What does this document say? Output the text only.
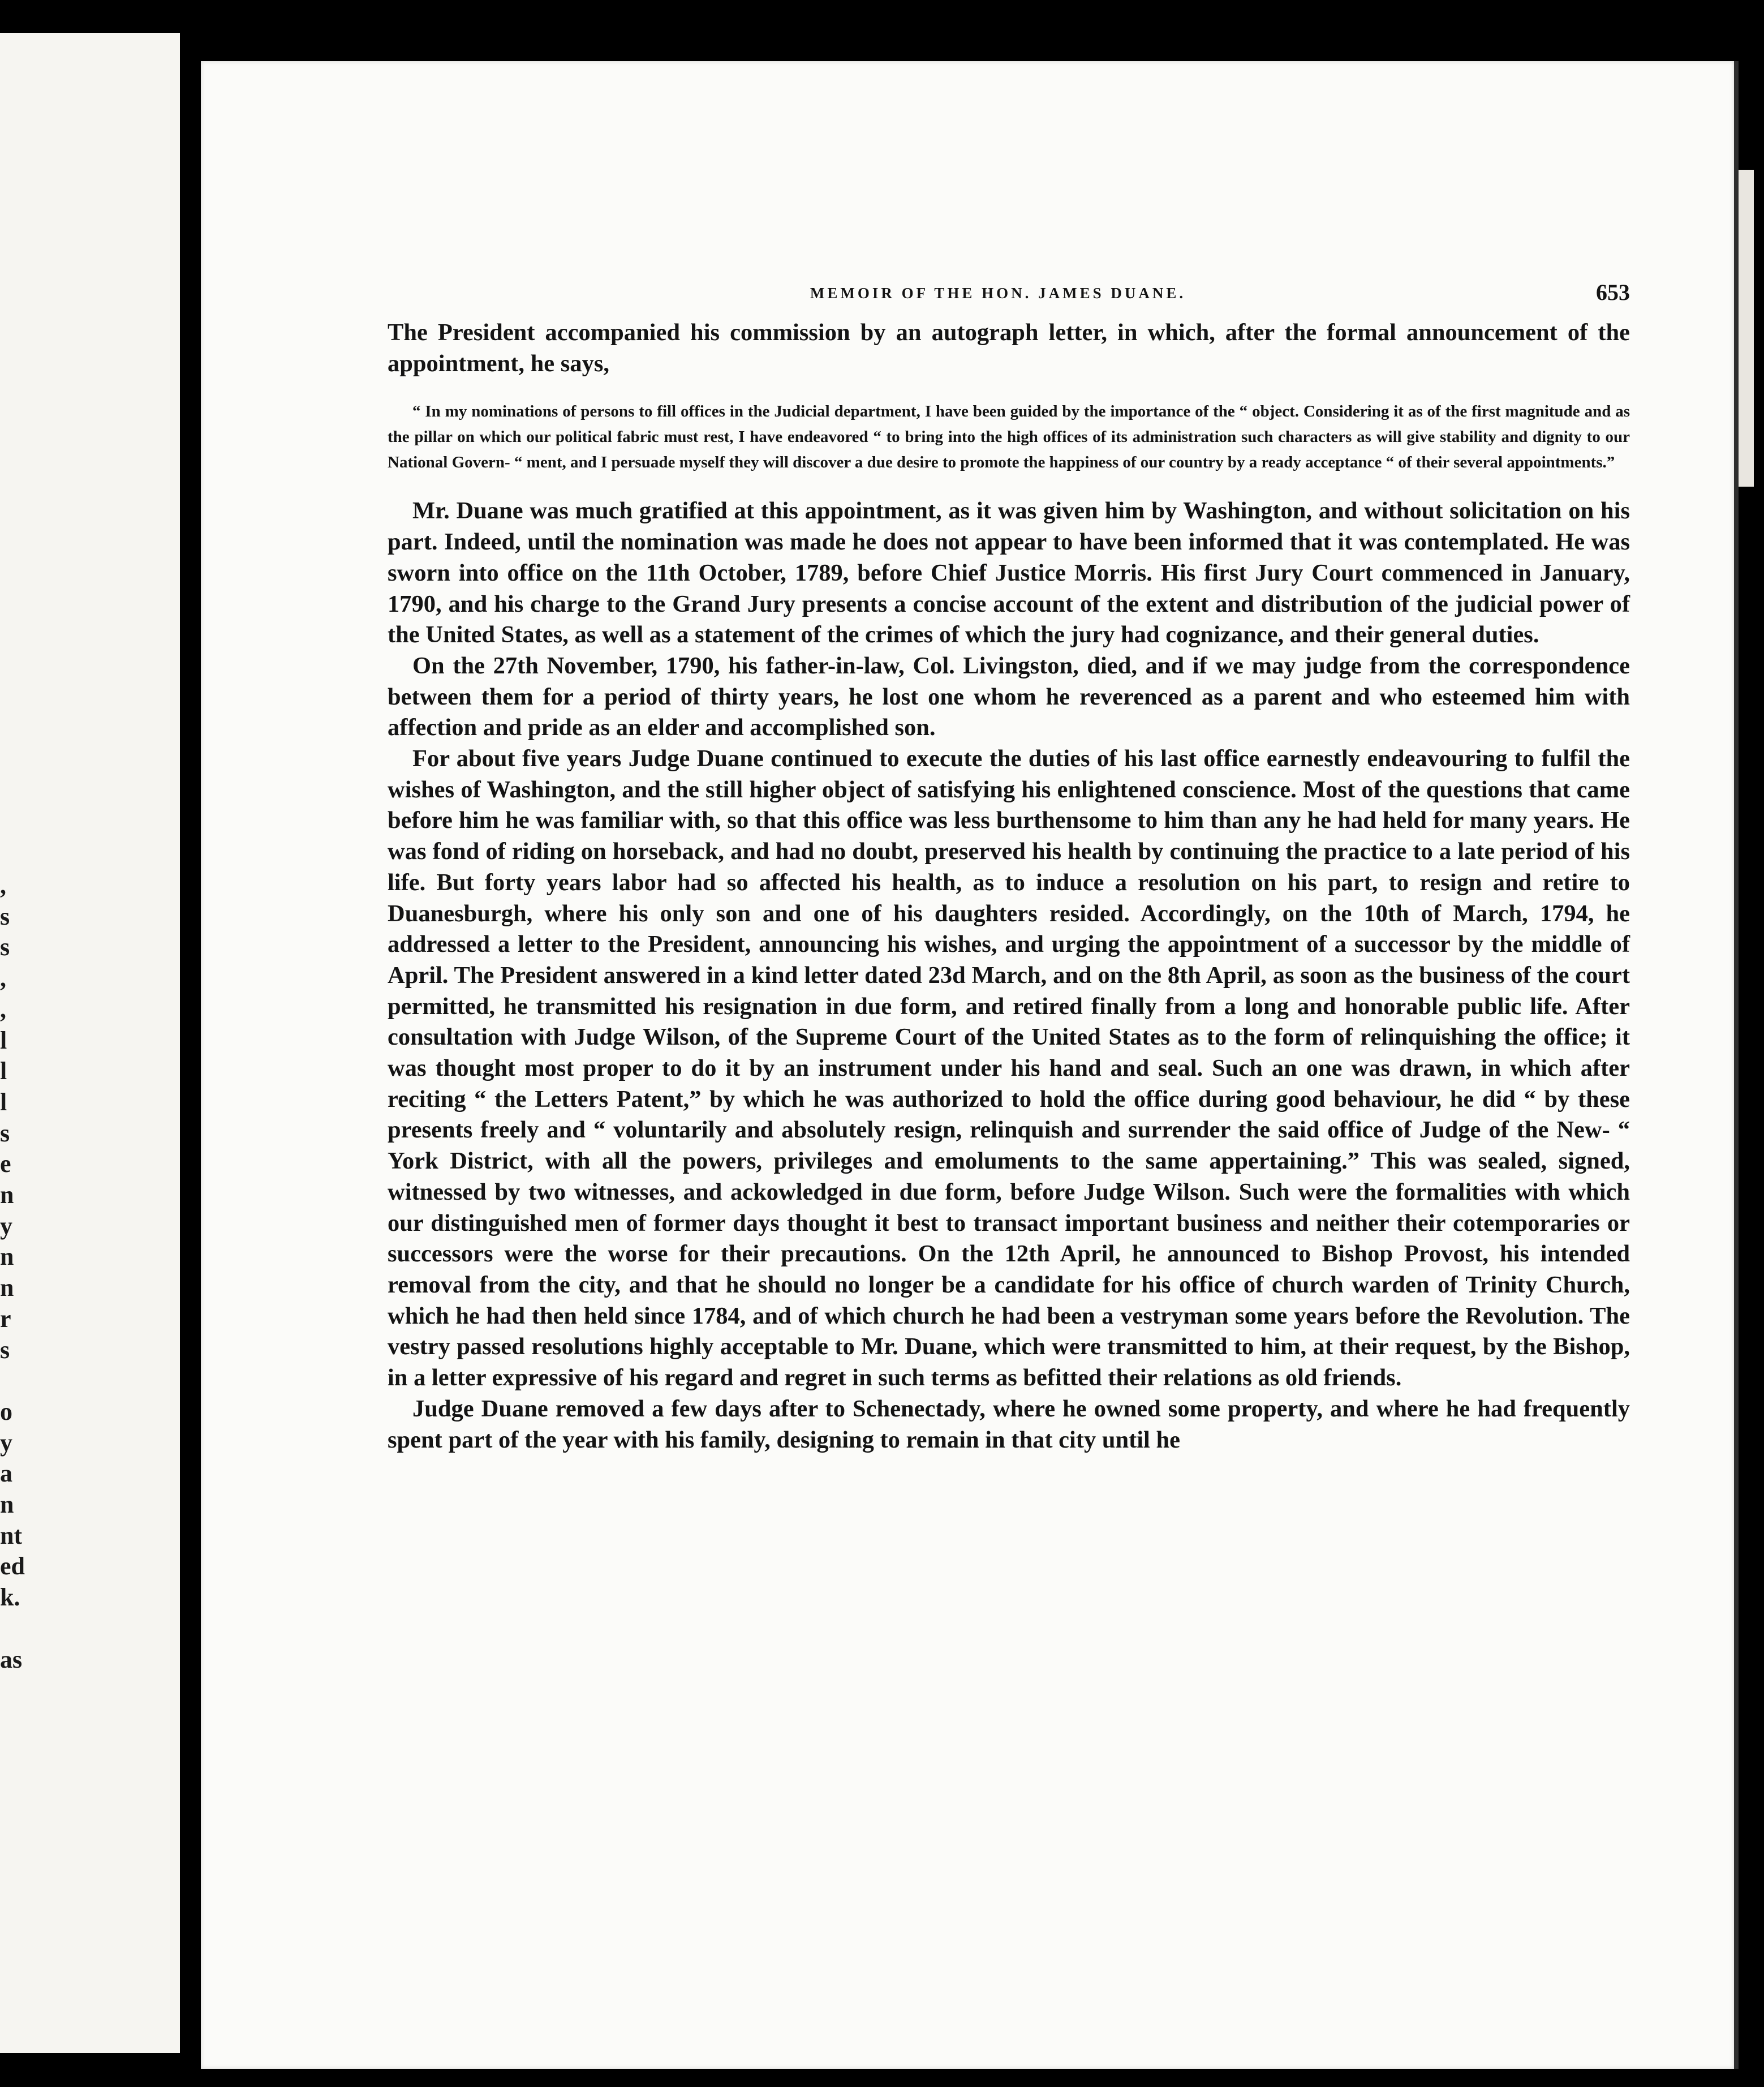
,
s
s
,
,
l
l
l
s
e
n
y
n
n
r
s

o
y
a
n
nt
ed
k.

as
MEMOIR OF THE HON. JAMES DUANE.	653

The President accompanied his commission by an autograph letter, in which, after the formal announcement of the appointment, he says,

“ In my nominations of persons to fill offices in the Judicial department, I have been guided by the importance of the “ object. Considering it as of the first magnitude and as the pillar on which our political fabric must rest, I have endeavored “ to bring into the high offices of its administration such characters as will give stability and dignity to our National Govern- “ ment, and I persuade myself they will discover a due desire to promote the happiness of our country by a ready acceptance “ of their several appointments.”

Mr. Duane was much gratified at this appointment, as it was given him by Washington, and without solicitation on his part. Indeed, until the nomination was made he does not appear to have been informed that it was contemplated. He was sworn into office on the 11th October, 1789, before Chief Justice Morris. His first Jury Court commenced in January, 1790, and his charge to the Grand Jury presents a concise account of the extent and distribution of the judicial power of the United States, as well as a statement of the crimes of which the jury had cognizance, and their general duties.

On the 27th November, 1790, his father-in-law, Col. Livingston, died, and if we may judge from the correspondence between them for a period of thirty years, he lost one whom he reverenced as a parent and who esteemed him with affection and pride as an elder and accomplished son.

For about five years Judge Duane continued to execute the duties of his last office earnestly endeavouring to fulfil the wishes of Washington, and the still higher object of satisfying his enlightened conscience. Most of the questions that came before him he was familiar with, so that this office was less burthensome to him than any he had held for many years. He was fond of riding on horseback, and had no doubt, preserved his health by continuing the practice to a late period of his life. But forty years labor had so affected his health, as to induce a resolution on his part, to resign and retire to Duanesburgh, where his only son and one of his daughters resided. Accordingly, on the 10th of March, 1794, he addressed a letter to the President, announcing his wishes, and urging the appointment of a successor by the middle of April. The President answered in a kind letter dated 23d March, and on the 8th April, as soon as the business of the court permitted, he transmitted his resignation in due form, and retired finally from a long and honorable public life. After consultation with Judge Wilson, of the Supreme Court of the United States as to the form of relinquishing the office; it was thought most proper to do it by an instrument under his hand and seal. Such an one was drawn, in which after reciting “ the Letters Patent,” by which he was authorized to hold the office during good behaviour, he did “ by these presents freely and “ voluntarily and absolutely resign, relinquish and surrender the said office of Judge of the New- “ York District, with all the powers, privileges and emoluments to the same appertaining.” This was sealed, signed, witnessed by two witnesses, and ackowledged in due form, before Judge Wilson. Such were the formalities with which our distinguished men of former days thought it best to transact important business and neither their cotemporaries or successors were the worse for their precautions. On the 12th April, he announced to Bishop Provost, his intended removal from the city, and that he should no longer be a candidate for his office of church warden of Trinity Church, which he had then held since 1784, and of which church he had been a vestryman some years before the Revolution. The vestry passed resolutions highly acceptable to Mr. Duane, which were transmitted to him, at their request, by the Bishop, in a letter expressive of his regard and regret in such terms as befitted their relations as old friends.

Judge Duane removed a few days after to Schenectady, where he owned some property, and where he had frequently spent part of the year with his family, designing to remain in that city until he
